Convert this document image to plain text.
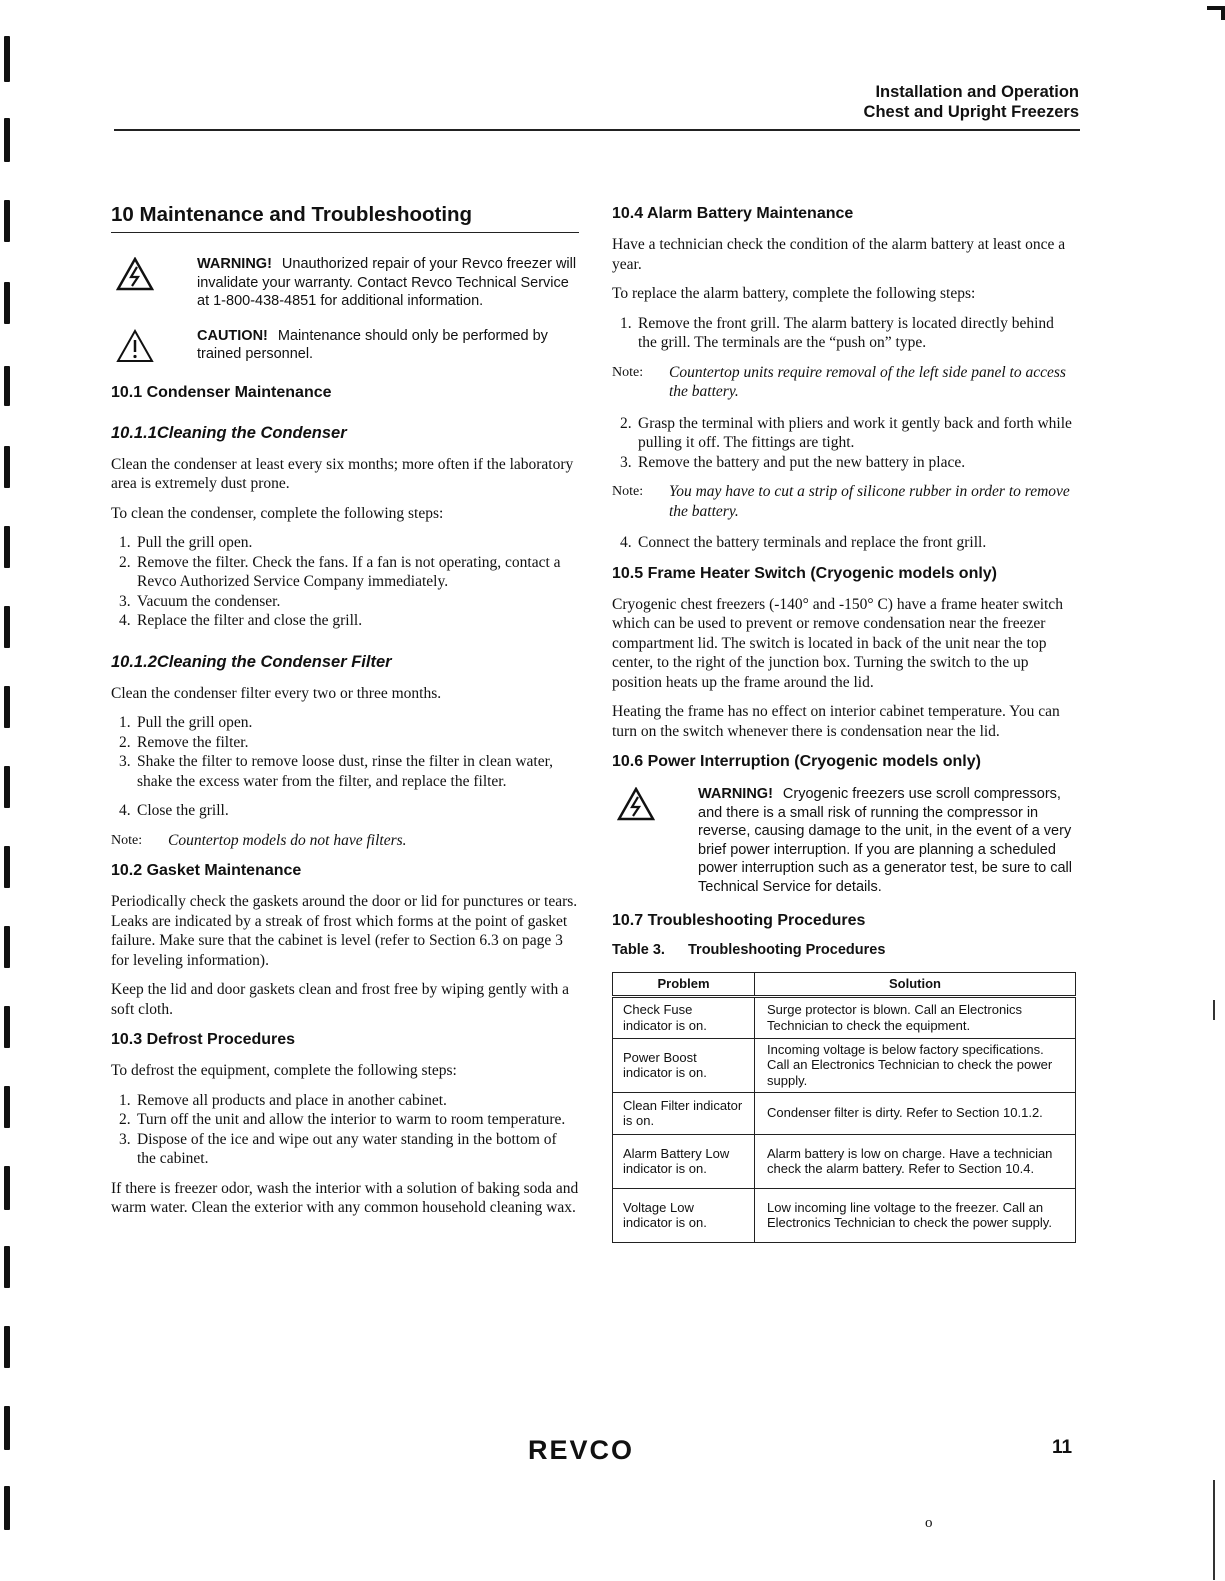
Installation and Operation
Chest and Upright Freezers
10 Maintenance and Troubleshooting
WARNING! Unauthorized repair of your Revco freezer will invalidate your warranty. Contact Revco Technical Service at 1-800-438-4851 for additional information.
CAUTION! Maintenance should only be performed by trained personnel.
10.1 Condenser Maintenance
10.1.1Cleaning the Condenser

Clean the condenser at least every six months; more often if the laboratory area is extremely dust prone.

To clean the condenser, complete the following steps:

1. Pull the grill open.
2. Remove the filter. Check the fans. If a fan is not operating, contact a Revco Authorized Service Company immediately.
3. Vacuum the condenser.
4. Replace the filter and close the grill.
10.1.2Cleaning the Condenser Filter

Clean the condenser filter every two or three months.

1. Pull the grill open.
2. Remove the filter.
3. Shake the filter to remove loose dust, rinse the filter in clean water, shake the excess water from the filter, and replace the filter.
4. Close the grill.
Note:	Countertop models do not have filters.
10.2 Gasket Maintenance

Periodically check the gaskets around the door or lid for punctures or tears. Leaks are indicated by a streak of frost which forms at the point of gasket failure. Make sure that the cabinet is level (refer to Section 6.3 on page 3 for leveling information).

Keep the lid and door gaskets clean and frost free by wiping gently with a soft cloth.

10.3 Defrost Procedures

To defrost the equipment, complete the following steps:

1. Remove all products and place in another cabinet.
2. Turn off the unit and allow the interior to warm to room temperature.
3. Dispose of the ice and wipe out any water standing in the bottom of the cabinet.

If there is freezer odor, wash the interior with a solution of baking soda and warm water. Clean the exterior with any common household cleaning wax.

10.4 Alarm Battery Maintenance

Have a technician check the condition of the alarm battery at least once a year.

To replace the alarm battery, complete the following steps:

1. Remove the front grill. The alarm battery is located directly behind the grill. The terminals are the “push on” type.
Note:	Countertop units require removal of the left side panel to access the battery.
2. Grasp the terminal with pliers and work it gently back and forth while pulling it off. The fittings are tight.
3. Remove the battery and put the new battery in place.
Note:	You may have to cut a strip of silicone rubber in order to remove the battery.
4. Connect the battery terminals and replace the front grill.
10.5 Frame Heater Switch (Cryogenic models only)

Cryogenic chest freezers (-140° and -150° C) have a frame heater switch which can be used to prevent or remove condensation near the freezer compartment lid. The switch is located in back of the unit near the top center, to the right of the junction box. Turning the switch to the up position heats up the frame around the lid.

Heating the frame has no effect on interior cabinet temperature. You can turn on the switch whenever there is condensation near the lid.

10.6 Power Interruption (Cryogenic models only)
WARNING! Cryogenic freezers use scroll compressors, and there is a small risk of running the compressor in reverse, causing damage to the unit, in the event of a very brief power interruption. If you are planning a scheduled power interruption such as a generator test, be sure to call Technical Service for details.
10.7 Troubleshooting Procedures
Table 3. Troubleshooting Procedures
Problem	Solution
Check Fuse indicator is on.	Surge protector is blown. Call an Electronics Technician to check the equipment.
Power Boost indicator is on.	Incoming voltage is below factory specifications. Call an Electronics Technician to check the power supply.
Clean Filter indicator is on.	Condenser filter is dirty. Refer to Section 10.1.2.
Alarm Battery Low indicator is on.	Alarm battery is low on charge. Have a technician check the alarm battery. Refer to Section 10.4.
Voltage Low indicator is on.	Low incoming line voltage to the freezer. Call an Electronics Technician to check the power supply.
REVCO	11
o
